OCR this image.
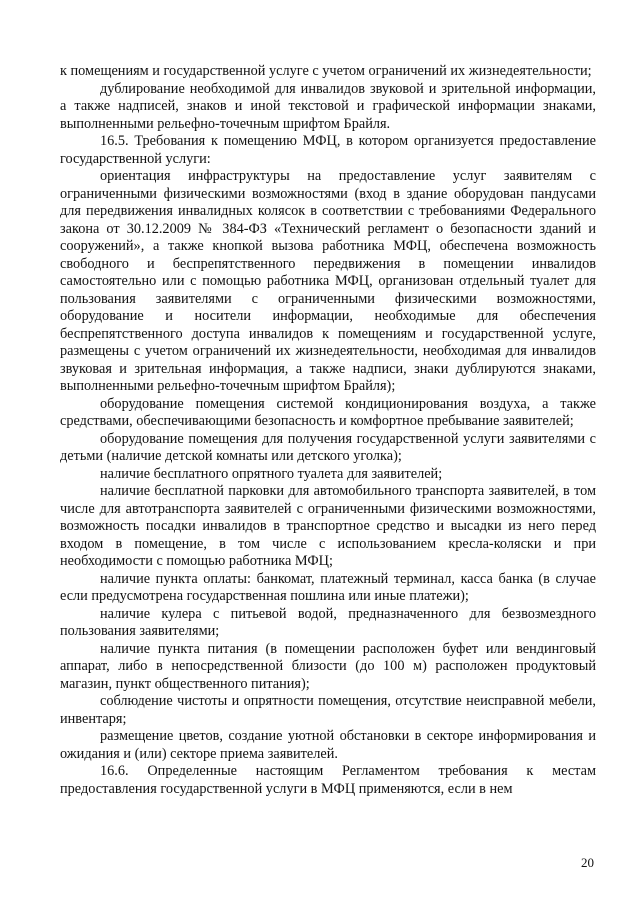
к помещениям и государственной услуге с учетом ограничений их жизнедеятельности;

дублирование необходимой для инвалидов звуковой и зрительной информации, а также надписей, знаков и иной текстовой и графической информации знаками, выполненными рельефно-точечным шрифтом Брайля.

16.5. Требования к помещению МФЦ, в котором организуется предоставление государственной услуги:

ориентация инфраструктуры на предоставление услуг заявителям с ограниченными физическими возможностями (вход в здание оборудован пандусами для передвижения инвалидных колясок в соответствии с требованиями Федерального закона от 30.12.2009 № 384-ФЗ «Технический регламент о безопасности зданий и сооружений», а также кнопкой вызова работника МФЦ, обеспечена возможность свободного и беспрепятственного передвижения в помещении инвалидов самостоятельно или с помощью работника МФЦ, организован отдельный туалет для пользования заявителями с ограниченными физическими возможностями, оборудование и носители информации, необходимые для обеспечения беспрепятственного доступа инвалидов к помещениям и государственной услуге, размещены с учетом ограничений их жизнедеятельности, необходимая для инвалидов звуковая и зрительная информация, а также надписи, знаки дублируются знаками, выполненными рельефно-точечным шрифтом Брайля);

оборудование помещения системой кондиционирования воздуха, а также средствами, обеспечивающими безопасность и комфортное пребывание заявителей;

оборудование помещения для получения государственной услуги заявителями с детьми (наличие детской комнаты или детского уголка);

наличие бесплатного опрятного туалета для заявителей;

наличие бесплатной парковки для автомобильного транспорта заявителей, в том числе для автотранспорта заявителей с ограниченными физическими возможностями, возможность посадки инвалидов в транспортное средство и высадки из него перед входом в помещение, в том числе с использованием кресла-коляски и при необходимости с помощью работника МФЦ;

наличие пункта оплаты: банкомат, платежный терминал, касса банка (в случае если предусмотрена государственная пошлина или иные платежи);

наличие кулера с питьевой водой, предназначенного для безвозмездного пользования заявителями;

наличие пункта питания (в помещении расположен буфет или вендинговый аппарат, либо в непосредственной близости (до 100 м) расположен продуктовый магазин, пункт общественного питания);

соблюдение чистоты и опрятности помещения, отсутствие неисправной мебели, инвентаря;

размещение цветов, создание уютной обстановки в секторе информирования и ожидания и (или) секторе приема заявителей.

16.6. Определенные настоящим Регламентом требования к местам предоставления государственной услуги в МФЦ применяются, если в нем

20
